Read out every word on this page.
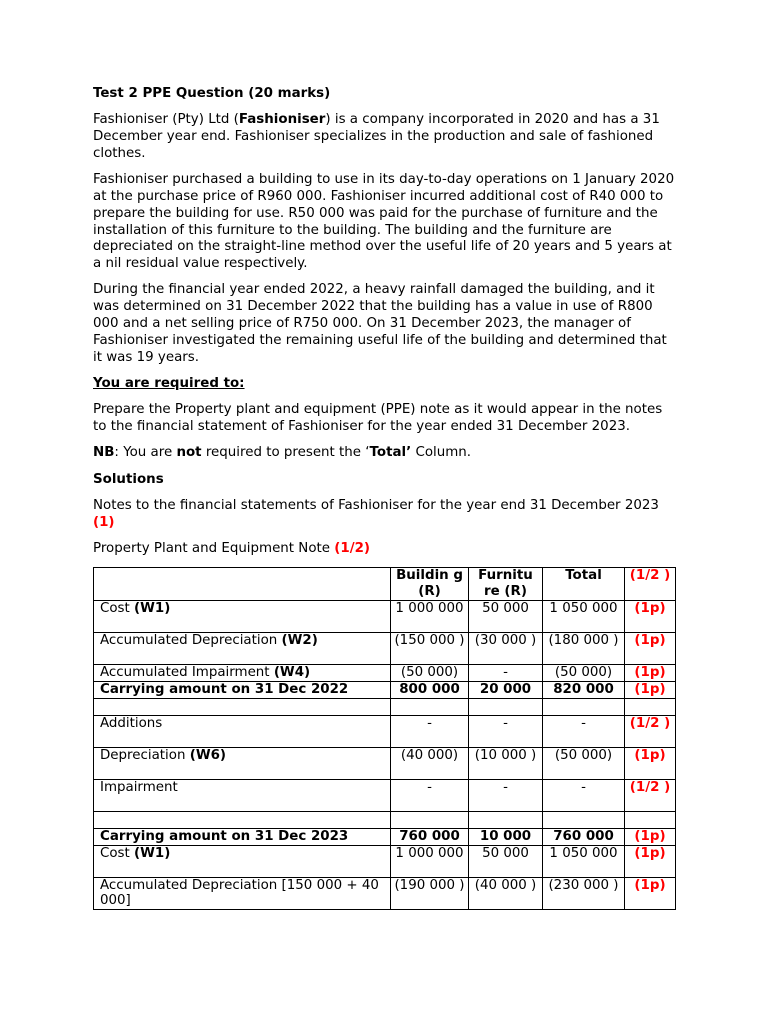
Test 2 PPE Question (20 marks)

Fashioniser (Pty) Ltd (Fashioniser) is a company incorporated in 2020 and has a 31 December year end. Fashioniser specializes in the production and sale of fashioned clothes.

Fashioniser purchased a building to use in its day-to-day operations on 1 January 2020 at the purchase price of R960 000. Fashioniser incurred additional cost of R40 000 to prepare the building for use. R50 000 was paid for the purchase of furniture and the installation of this furniture to the building. The building and the furniture are depreciated on the straight-line method over the useful life of 20 years and 5 years at a nil residual value respectively.

During the financial year ended 2022, a heavy rainfall damaged the building, and it was determined on 31 December 2022 that the building has a value in use of R800 000 and a net selling price of R750 000. On 31 December 2023, the manager of Fashioniser investigated the remaining useful life of the building and determined that it was 19 years.

You are required to:

Prepare the Property plant and equipment (PPE) note as it would appear in the notes to the financial statement of Fashioniser for the year ended 31 December 2023.

NB: You are not required to present the ‘Total’ Column.

Solutions

Notes to the financial statements of Fashioniser for the year end 31 December 2023 (1)

Property Plant and Equipment Note (1/2)

	Buildin g (R)	Furnitu re (R)	Total	(1/2 )
Cost (W1)	1 000 000	50 000	1 050 000	(1p)
Accumulated Depreciation (W2)	(150 000 )	(30 000 )	(180 000 )	(1p)
Accumulated Impairment (W4)	(50 000)	-	(50 000)	(1p)
Carrying amount on 31 Dec 2022	800 000	20 000	820 000	(1p)

Additions	-	-	-	(1/2 )
Depreciation (W6)	(40 000)	(10 000 )	(50 000)	(1p)
Impairment	-	-	-	(1/2 )

Carrying amount on 31 Dec 2023	760 000	10 000	760 000	(1p)
Cost (W1)	1 000 000	50 000	1 050 000	(1p)
Accumulated Depreciation [150 000 + 40 000]	(190 000 )	(40 000 )	(230 000 )	(1p)
